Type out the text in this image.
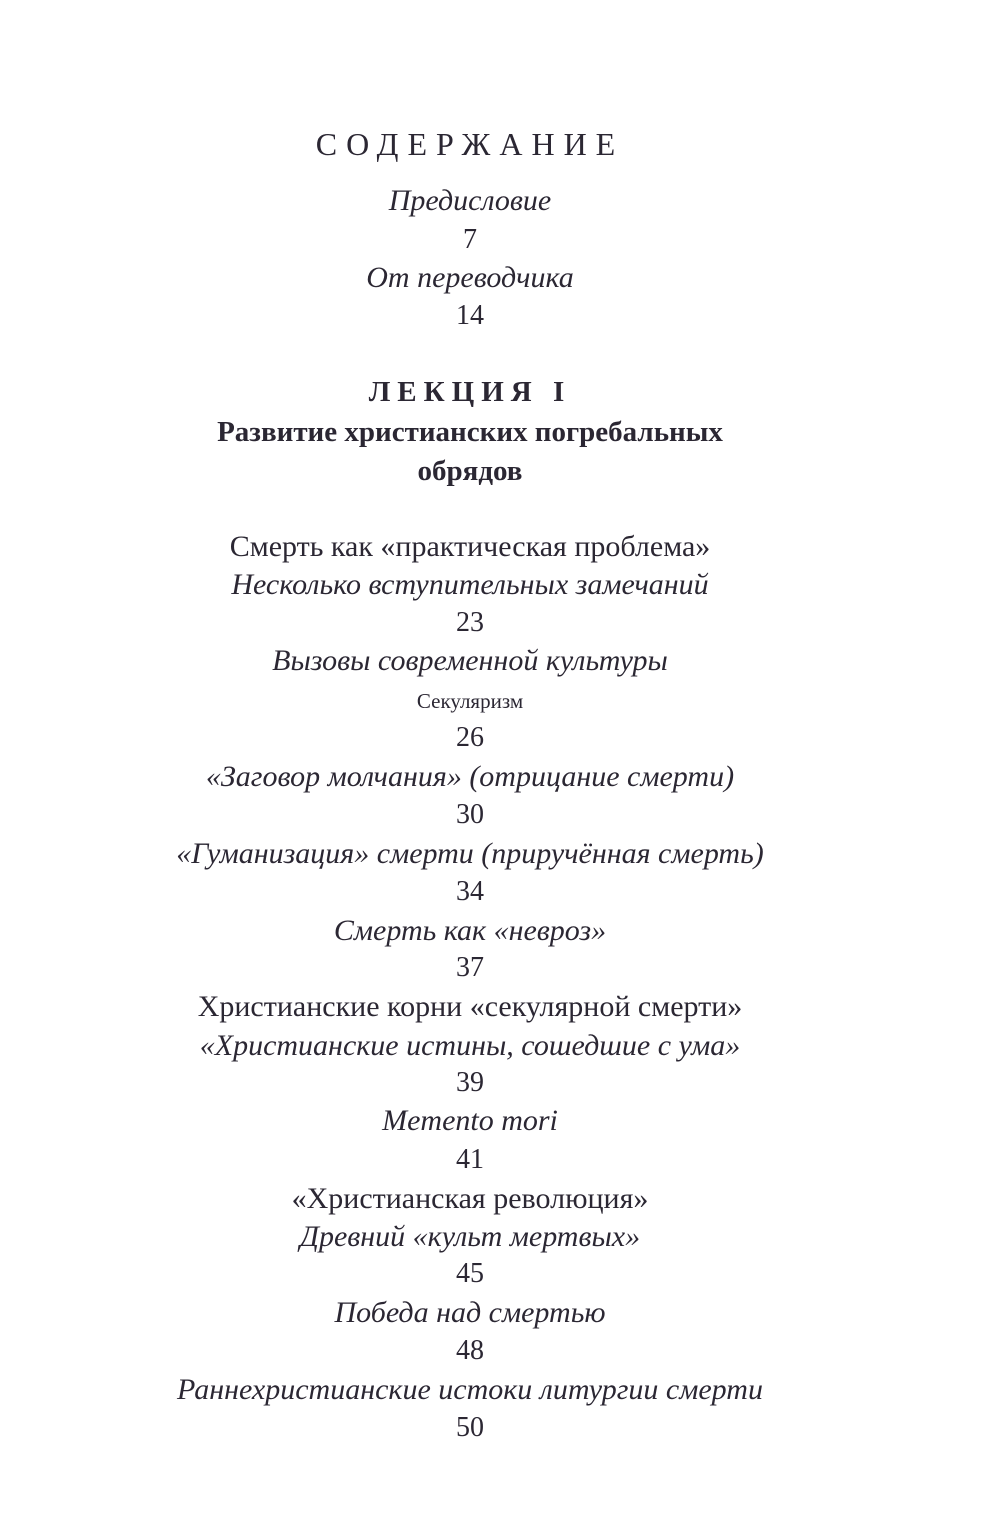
СОДЕРЖАНИЕ
Предисловие
7
От переводчика
14
ЛЕКЦИЯ I
Развитие христианских погребальных
обрядов
Смерть как «практическая проблема»
Несколько вступительных замечаний
23
Вызовы современной культуры
Секуляризм
26
«Заговор молчания» (отрицание смерти)
30
«Гуманизация» смерти (приручённая смерть)
34
Смерть как «невроз»
37
Христианские корни «секулярной смерти»
«Христианские истины, сошедшие с ума»
39
Memento mori
41
«Христианская революция»
Древний «культ мертвых»
45
Победа над смертью
48
Раннехристианские истоки литургии смерти
50
